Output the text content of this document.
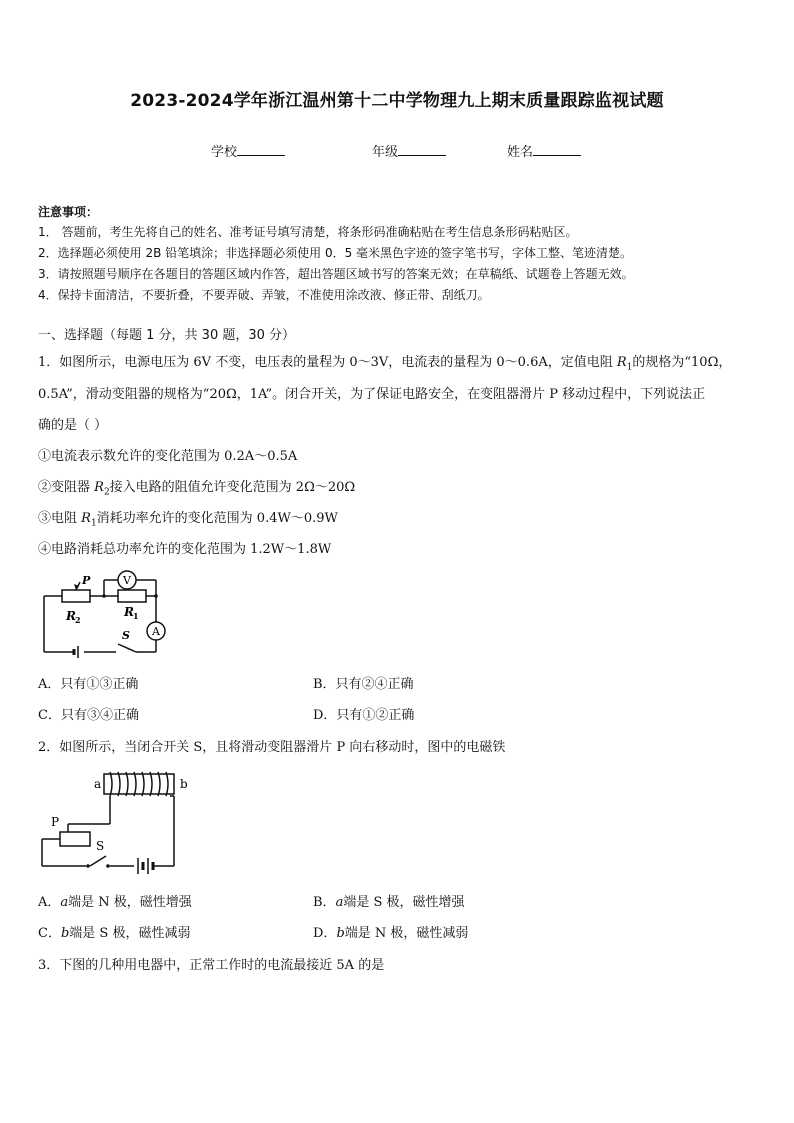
2023-2024学年浙江温州第十二中学物理九上期末质量跟踪监视试题
学校	年级	姓名
注意事项：
1． 答题前，考生先将自己的姓名、准考证号填写清楚，将条形码准确粘贴在考生信息条形码粘贴区。
2．选择题必须使用 2B 铅笔填涂；非选择题必须使用 0．5 毫米黑色字迹的签字笔书写，字体工整、笔迹清楚。
3．请按照题号顺序在各题目的答题区域内作答，超出答题区域书写的答案无效；在草稿纸、试题卷上答题无效。
4．保持卡面清洁，不要折叠，不要弄破、弄皱，不准使用涂改液、修正带、刮纸刀。
一、选择题（每题 1 分，共 30 题，30 分）
1．如图所示，电源电压为 6V 不变，电压表的量程为 0～3V，电流表的量程为 0～0.6A，定值电阻 $R_1$的规格为“10Ω，
0.5A”，滑动变阻器的规格为“20Ω，1A”。闭合开关，为了保证电路安全，在变阻器滑片 P 移动过程中，下列说法正
确的是（ ）
①电流表示数允许的变化范围为 0.2A～0.5A
②变阻器 $R_2$接入电路的阻值允许变化范围为 2Ω～20Ω
③电阻 $R_1$消耗功率允许的变化范围为 0.4W～0.9W
④电路消耗总功率允许的变化范围为 1.2W～1.8W
V
A
P
R 2
R 1
S
A．只有①③正确	B．只有②④正确
C．只有③④正确	D．只有①②正确
2．如图所示，当闭合开关 S，且将滑动变阻器滑片 P 向右移动时，图中的电磁铁
a	b
P
S
A．a端是 N 极，磁性增强	B．a端是 S 极，磁性增强
C．b端是 S 极，磁性减弱	D．b端是 N 极，磁性减弱
3．下图的几种用电器中，正常工作时的电流最接近 5A 的是
